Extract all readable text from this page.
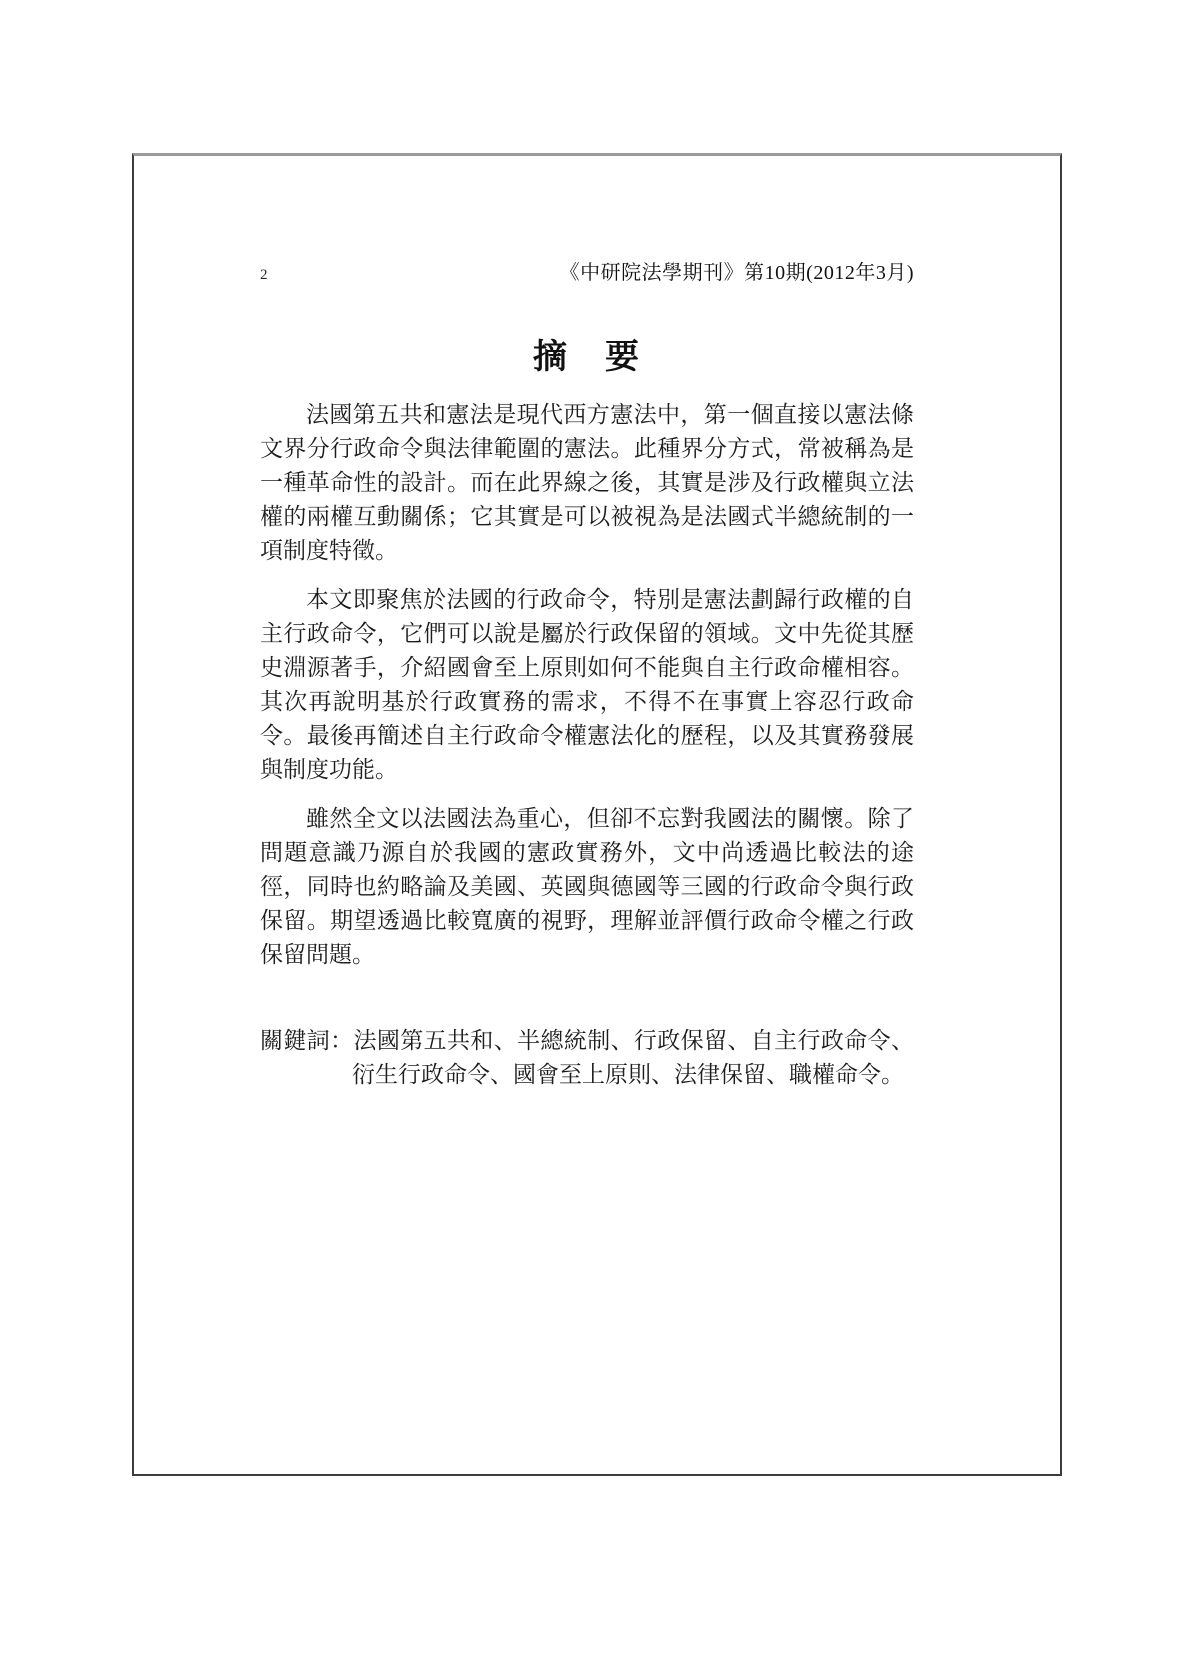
2	《中研院法學期刊》第10期(2012年3月)
摘　要

法國第五共和憲法是現代西方憲法中，第一個直接以憲法條文界分行政命令與法律範圍的憲法。此種界分方式，常被稱為是一種革命性的設計。而在此界線之後，其實是涉及行政權與立法權的兩權互動關係；它其實是可以被視為是法國式半總統制的一項制度特徵。

本文即聚焦於法國的行政命令，特別是憲法劃歸行政權的自主行政命令，它們可以說是屬於行政保留的領域。文中先從其歷史淵源著手，介紹國會至上原則如何不能與自主行政命權相容。其次再說明基於行政實務的需求，不得不在事實上容忍行政命令。最後再簡述自主行政命令權憲法化的歷程，以及其實務發展與制度功能。

雖然全文以法國法為重心，但卻不忘對我國法的關懷。除了問題意識乃源自於我國的憲政實務外，文中尚透過比較法的途徑，同時也約略論及美國、英國與德國等三國的行政命令與行政保留。期望透過比較寬廣的視野，理解並評價行政命令權之行政保留問題。

關鍵詞：法國第五共和、半總統制、行政保留、自主行政命令、衍生行政命令、國會至上原則、法律保留、職權命令。
